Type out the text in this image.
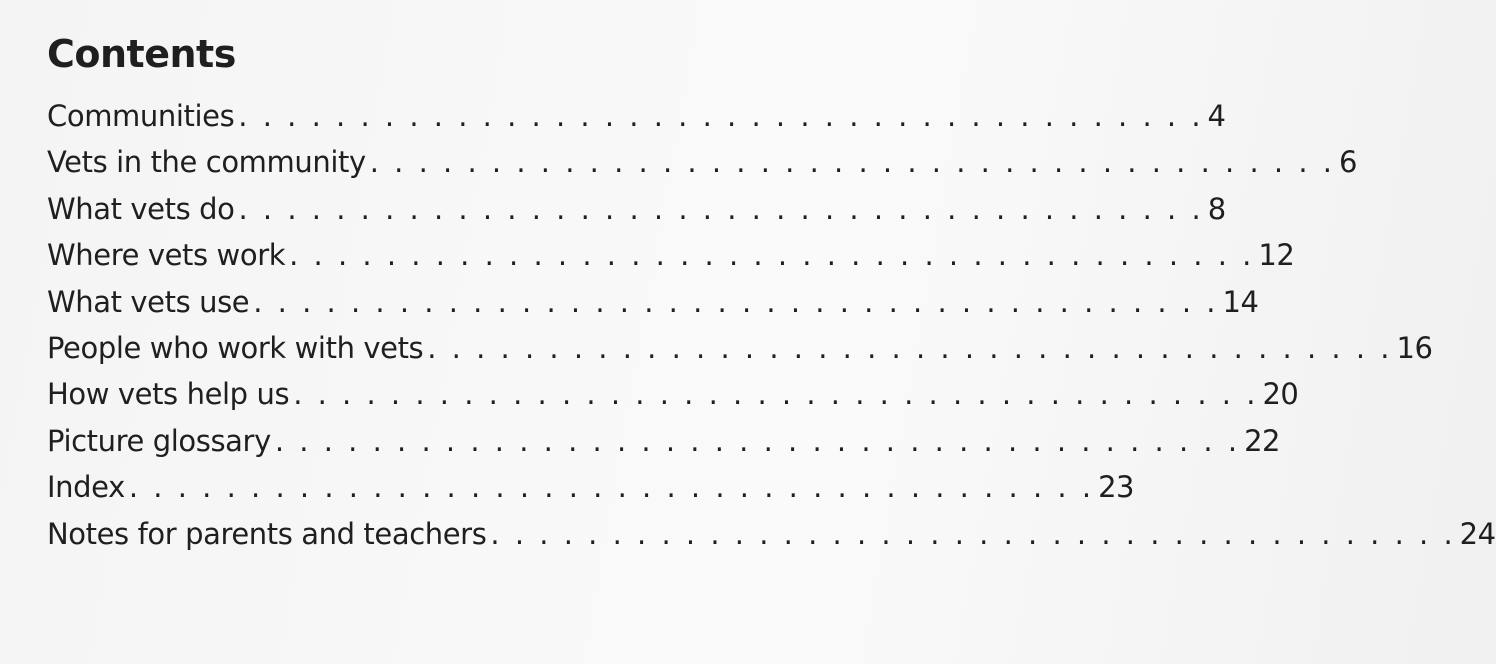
Contents
Communities . . . . . . . . . . . . . . . . . . . . . . . . . . . . . . . . . . . . . . . . 4
Vets in the community . . . . . . . . . . . . . . . . . . . . . . . . . . . . . . . . . . . . . . . . 6
What vets do . . . . . . . . . . . . . . . . . . . . . . . . . . . . . . . . . . . . . . . . 8
Where vets work . . . . . . . . . . . . . . . . . . . . . . . . . . . . . . . . . . . . . . . . 12
What vets use . . . . . . . . . . . . . . . . . . . . . . . . . . . . . . . . . . . . . . . . 14
People who work with vets . . . . . . . . . . . . . . . . . . . . . . . . . . . . . . . . . . . . . . . . 16
How vets help us . . . . . . . . . . . . . . . . . . . . . . . . . . . . . . . . . . . . . . . . 20
Picture glossary . . . . . . . . . . . . . . . . . . . . . . . . . . . . . . . . . . . . . . . . 22
Index . . . . . . . . . . . . . . . . . . . . . . . . . . . . . . . . . . . . . . . . 23
Notes for parents and teachers . . . . . . . . . . . . . . . . . . . . . . . . . . . . . . . . . . . . . . . . 24
